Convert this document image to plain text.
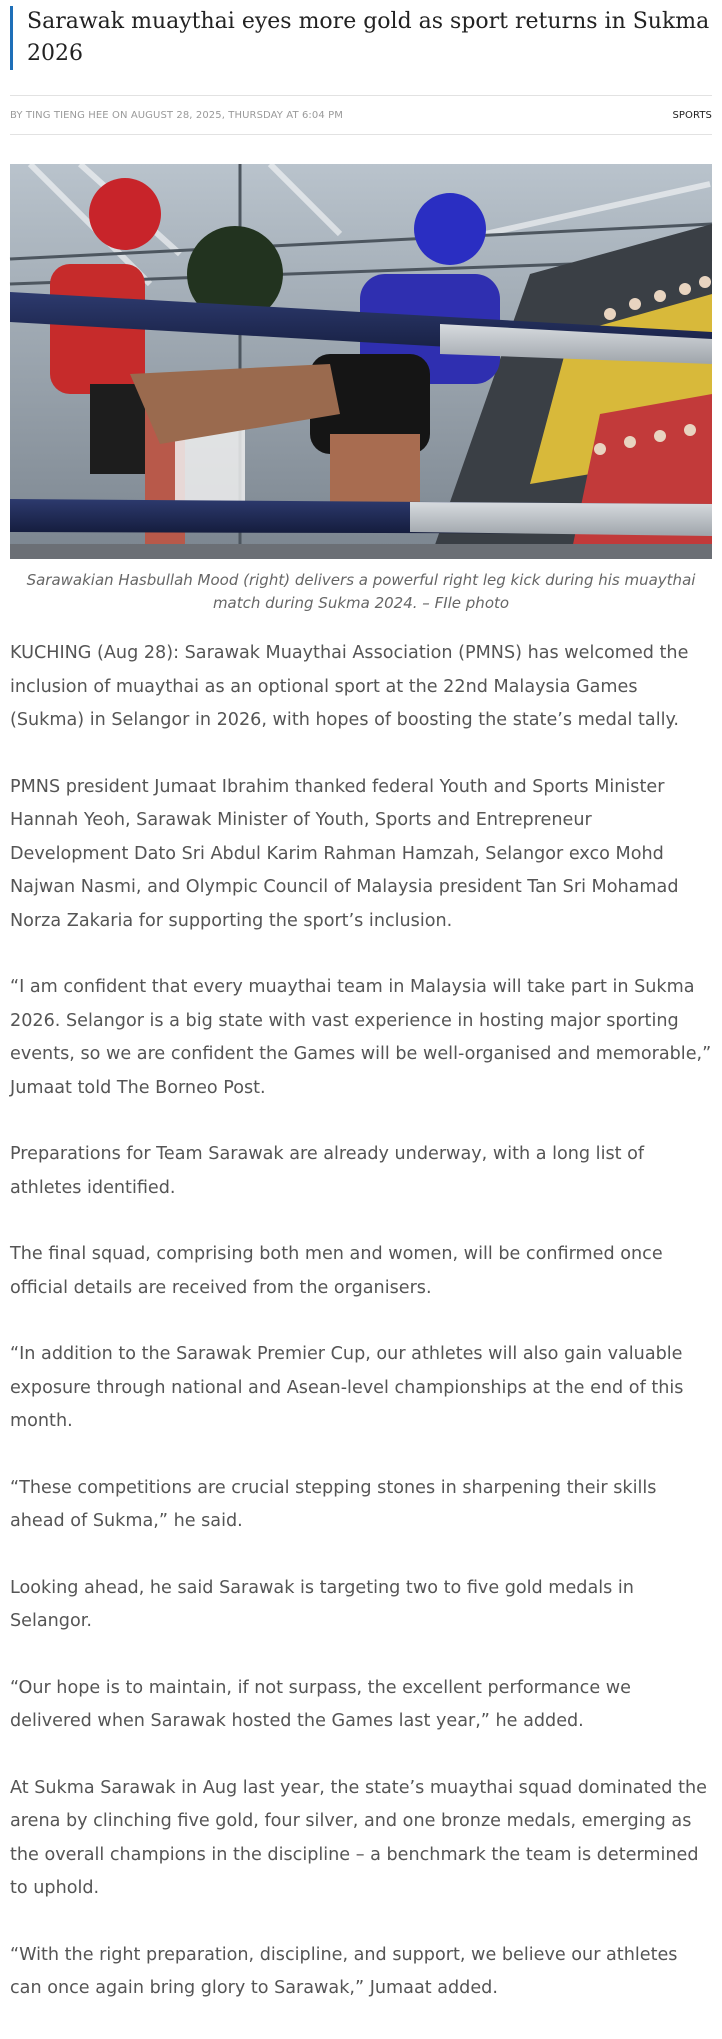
Sarawak muaythai eyes more gold as sport returns in Sukma 2026
BY TING TIENG HEE ON AUGUST 28, 2025, THURSDAY AT 6:04 PM	SPORTS

Sarawakian Hasbullah Mood (right) delivers a powerful right leg kick during his muaythai match during Sukma 2024. – FIle photo

KUCHING (Aug 28): Sarawak Muaythai Association (PMNS) has welcomed the inclusion of muaythai as an optional sport at the 22nd Malaysia Games (Sukma) in Selangor in 2026, with hopes of boosting the state’s medal tally.

PMNS president Jumaat Ibrahim thanked federal Youth and Sports Minister Hannah Yeoh, Sarawak Minister of Youth, Sports and Entrepreneur Development Dato Sri Abdul Karim Rahman Hamzah, Selangor exco Mohd Najwan Nasmi, and Olympic Council of Malaysia president Tan Sri Mohamad Norza Zakaria for supporting the sport’s inclusion.

“I am confident that every muaythai team in Malaysia will take part in Sukma 2026. Selangor is a big state with vast experience in hosting major sporting events, so we are confident the Games will be well-organised and memorable,” Jumaat told The Borneo Post.

Preparations for Team Sarawak are already underway, with a long list of athletes identified.

The final squad, comprising both men and women, will be confirmed once official details are received from the organisers.

“In addition to the Sarawak Premier Cup, our athletes will also gain valuable exposure through national and Asean-level championships at the end of this month.

“These competitions are crucial stepping stones in sharpening their skills ahead of Sukma,” he said.

Looking ahead, he said Sarawak is targeting two to five gold medals in Selangor.

“Our hope is to maintain, if not surpass, the excellent performance we delivered when Sarawak hosted the Games last year,” he added.

At Sukma Sarawak in Aug last year, the state’s muaythai squad dominated the arena by clinching five gold, four silver, and one bronze medals, emerging as the overall champions in the discipline – a benchmark the team is determined to uphold.

“With the right preparation, discipline, and support, we believe our athletes can once again bring glory to Sarawak,” Jumaat added.
